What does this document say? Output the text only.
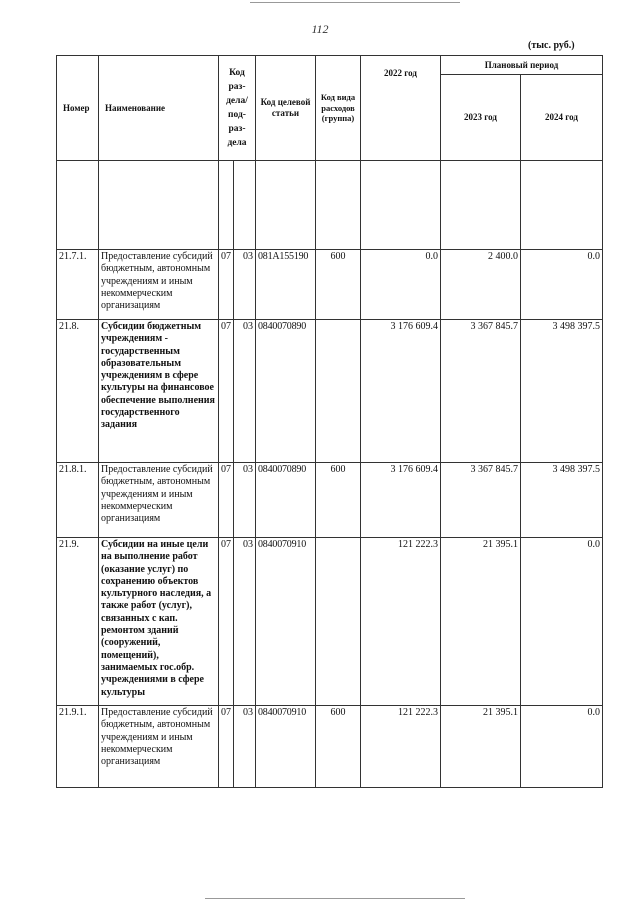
112
(тыс. руб.)
Номер	Наименование	Код раз-дела/ под-раз-дела		Код целевой статьи	Код вида расходов (группа)	2022 год	Плановый период	
							2023 год	2024 год

21.7.1.	Предоставление субсидий бюджетным, автономным учреждениям и иным некоммерческим организациям	07	03	081А155190	600	0.0	2 400.0	0.0
21.8.	Субсидии бюджетным учреждениям - государственным образовательным учреждениям в сфере культуры на финансовое обеспечение выполнения государственного задания	07	03	0840070890		3 176 609.4	3 367 845.7	3 498 397.5
21.8.1.	Предоставление субсидий бюджетным, автономным учреждениям и иным некоммерческим организациям	07	03	0840070890	600	3 176 609.4	3 367 845.7	3 498 397.5
21.9.	Субсидии на иные цели на выполнение работ (оказание услуг) по сохранению объектов культурного наследия, а также работ (услуг), связанных с кап. ремонтом зданий (сооружений, помещений), занимаемых гос.обр. учреждениями в сфере культуры	07	03	0840070910		121 222.3	21 395.1	0.0
21.9.1.	Предоставление субсидий бюджетным, автономным учреждениям и иным некоммерческим организациям	07	03	0840070910	600	121 222.3	21 395.1	0.0
